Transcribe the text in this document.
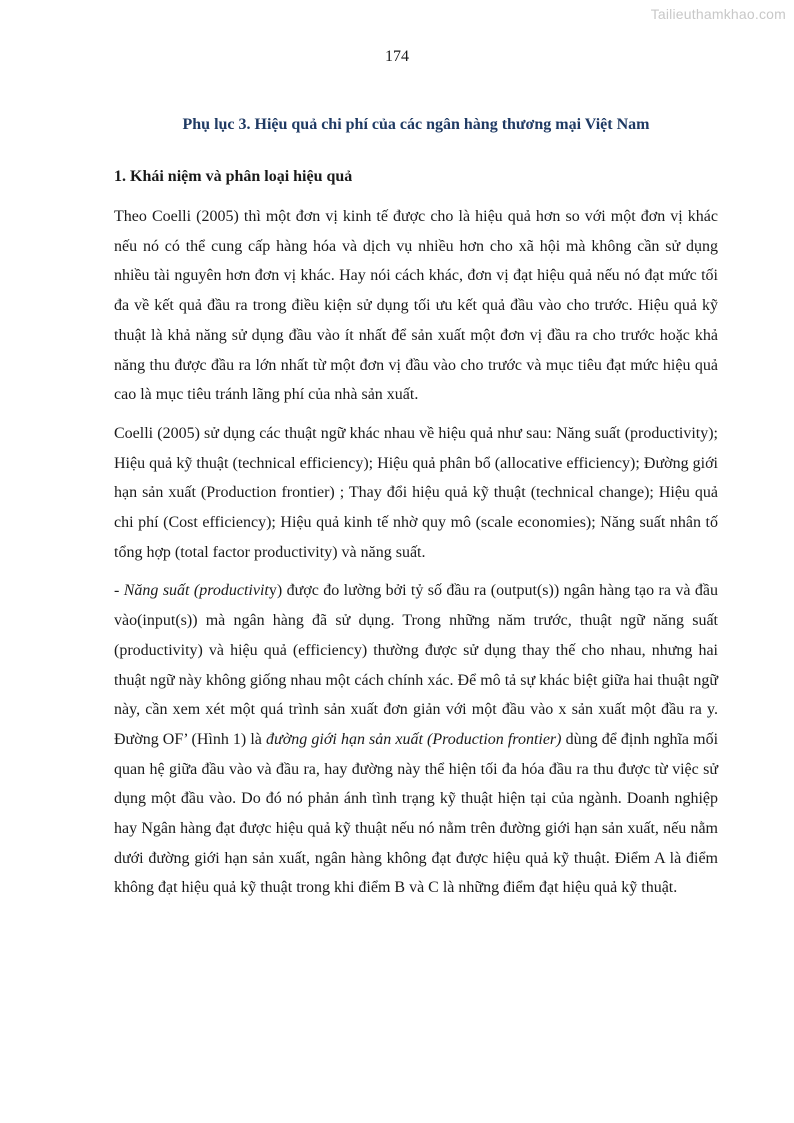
Tailieuthamkhao.com
174
Phụ lục 3. Hiệu quả chi phí của các ngân hàng thương mại Việt Nam
1. Khái niệm và phân loại hiệu quả

Theo Coelli (2005) thì một đơn vị kinh tế được cho là hiệu quả hơn so với một đơn vị khác nếu nó có thể cung cấp hàng hóa và dịch vụ nhiều hơn cho xã hội mà không cần sử dụng nhiều tài nguyên hơn đơn vị khác. Hay nói cách khác, đơn vị đạt hiệu quả nếu nó đạt mức tối đa về kết quả đầu ra trong điều kiện sử dụng tối ưu kết quả đầu vào cho trước. Hiệu quả kỹ thuật là khả năng sử dụng đầu vào ít nhất để sản xuất một đơn vị đầu ra cho trước hoặc khả năng thu được đầu ra lớn nhất từ một đơn vị đầu vào cho trước và mục tiêu đạt mức hiệu quả cao là mục tiêu tránh lãng phí của nhà sản xuất.

Coelli (2005) sử dụng các thuật ngữ khác nhau về hiệu quả như sau: Năng suất (productivity); Hiệu quả kỹ thuật (technical efficiency); Hiệu quả phân bổ (allocative efficiency); Đường giới hạn sản xuất (Production frontier) ; Thay đổi hiệu quả kỹ thuật (technical change); Hiệu quả chi phí (Cost efficiency); Hiệu quả kinh tế nhờ quy mô (scale economies); Năng suất nhân tố tổng hợp (total factor productivity) và năng suất.

- Năng suất (productivity) được đo lường bởi tỷ số đầu ra (output(s)) ngân hàng tạo ra và đầu vào(input(s)) mà ngân hàng đã sử dụng. Trong những năm trước, thuật ngữ năng suất (productivity) và hiệu quả (efficiency) thường được sử dụng thay thế cho nhau, nhưng hai thuật ngữ này không giống nhau một cách chính xác. Để mô tả sự khác biệt giữa hai thuật ngữ này, cần xem xét một quá trình sản xuất đơn giản với một đầu vào x sản xuất một đầu ra y. Đường OF’ (Hình 1) là đường giới hạn sản xuất (Production frontier) dùng để định nghĩa mối quan hệ giữa đầu vào và đầu ra, hay đường này thể hiện tối đa hóa đầu ra thu được từ việc sử dụng một đầu vào. Do đó nó phản ánh tình trạng kỹ thuật hiện tại của ngành. Doanh nghiệp hay Ngân hàng đạt được hiệu quả kỹ thuật nếu nó nằm trên đường giới hạn sản xuất, nếu nằm dưới đường giới hạn sản xuất, ngân hàng không đạt được hiệu quả kỹ thuật. Điểm A là điểm không đạt hiệu quả kỹ thuật trong khi điểm B và C là những điểm đạt hiệu quả kỹ thuật.
